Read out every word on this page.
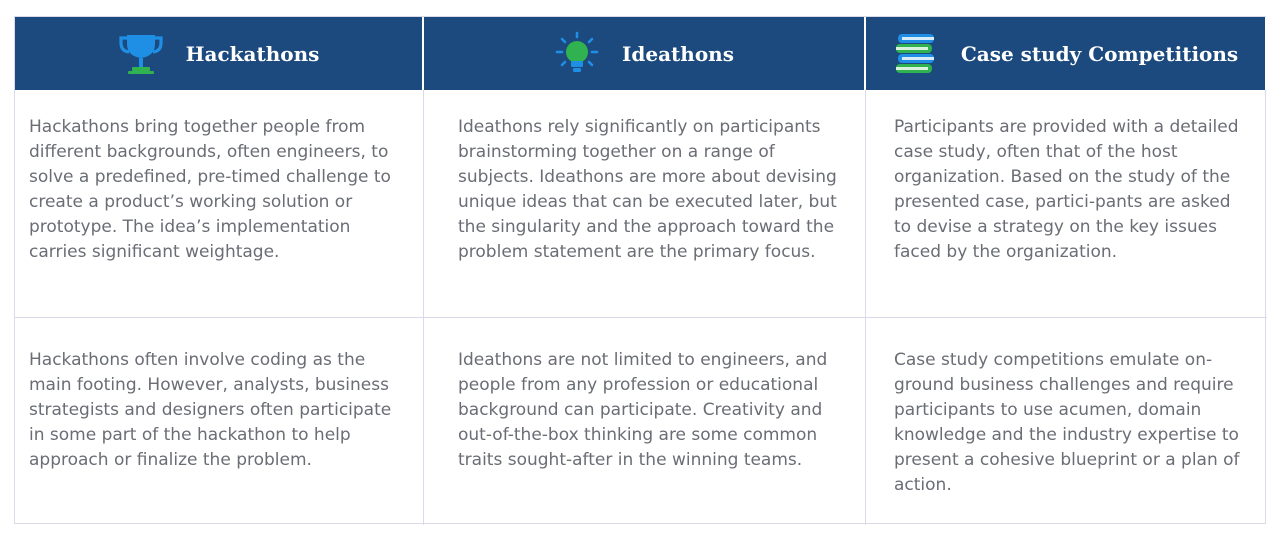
Hackathons	Ideathons	Case study Competitions
Hackathons bring together people from different backgrounds, often engineers, to solve a predefined, pre-timed challenge to create a product’s working solution or prototype. The idea’s implementation carries significant weightage.
Ideathons rely significantly on participants brainstorming together on a range of subjects. Ideathons are more about devising unique ideas that can be executed later, but the singularity and the approach toward the problem statement are the primary focus.
Participants are provided with a detailed case study, often that of the host organization. Based on the study of the presented case, partici-pants are asked to devise a strategy on the key issues faced by the organization.
Hackathons often involve coding as the main footing. However, analysts, business strategists and designers often participate in some part of the hackathon to help approach or finalize the problem.
Ideathons are not limited to engineers, and people from any profession or educational background can participate. Creativity and out-of-the-box thinking are some common traits sought-after in the winning teams.
Case study competitions emulate on-ground business challenges and require participants to use acumen, domain knowledge and the industry expertise to present a cohesive blueprint or a plan of action.
